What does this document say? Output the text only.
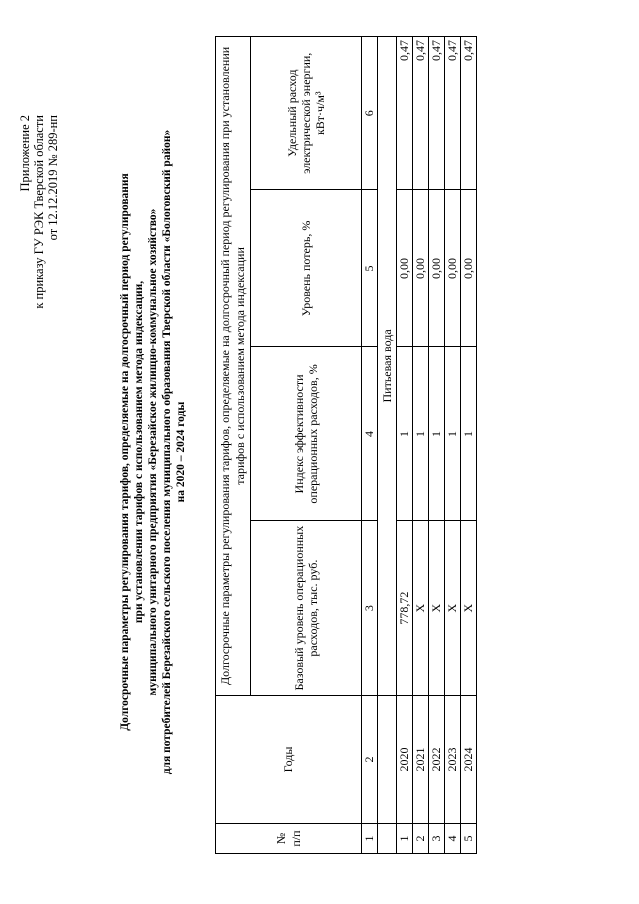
Приложение 2 к приказу ГУ РЭК Тверской области от 12.12.2019 № 289-нп	Долгосрочные параметры регулирования тарифов, определяемые на долгосрочный период регулирования при установлении тарифов с использованием метода индексации, муниципального унитарного предприятия «Березайское жилищно-коммунальное хозяйство» для потребителей Березайского сельского поселения муниципального образования Тверской области «Бологовский район» на 2020 – 2024 годы
№ п/п	Годы	Долгосрочные параметры регулирования тарифов, определяемые на долгосрочный период регулирования при установлении тарифов с использованием метода индексации			
		Базовый уровень операционных расходов, тыс. руб.	Индекс эффективности операционных расходов, %	Уровень потерь, %	Удельный расход электрической энергии, кВт·ч/м³
1	2	3	4	5	6
		Питьевая вода			
1	2020	778,72	1	0,00	0,47
2	2021	Х	1	0,00	0,47
3	2022	Х	1	0,00	0,47
4	2023	Х	1	0,00	0,47
5	2024	Х	1	0,00	0,47
